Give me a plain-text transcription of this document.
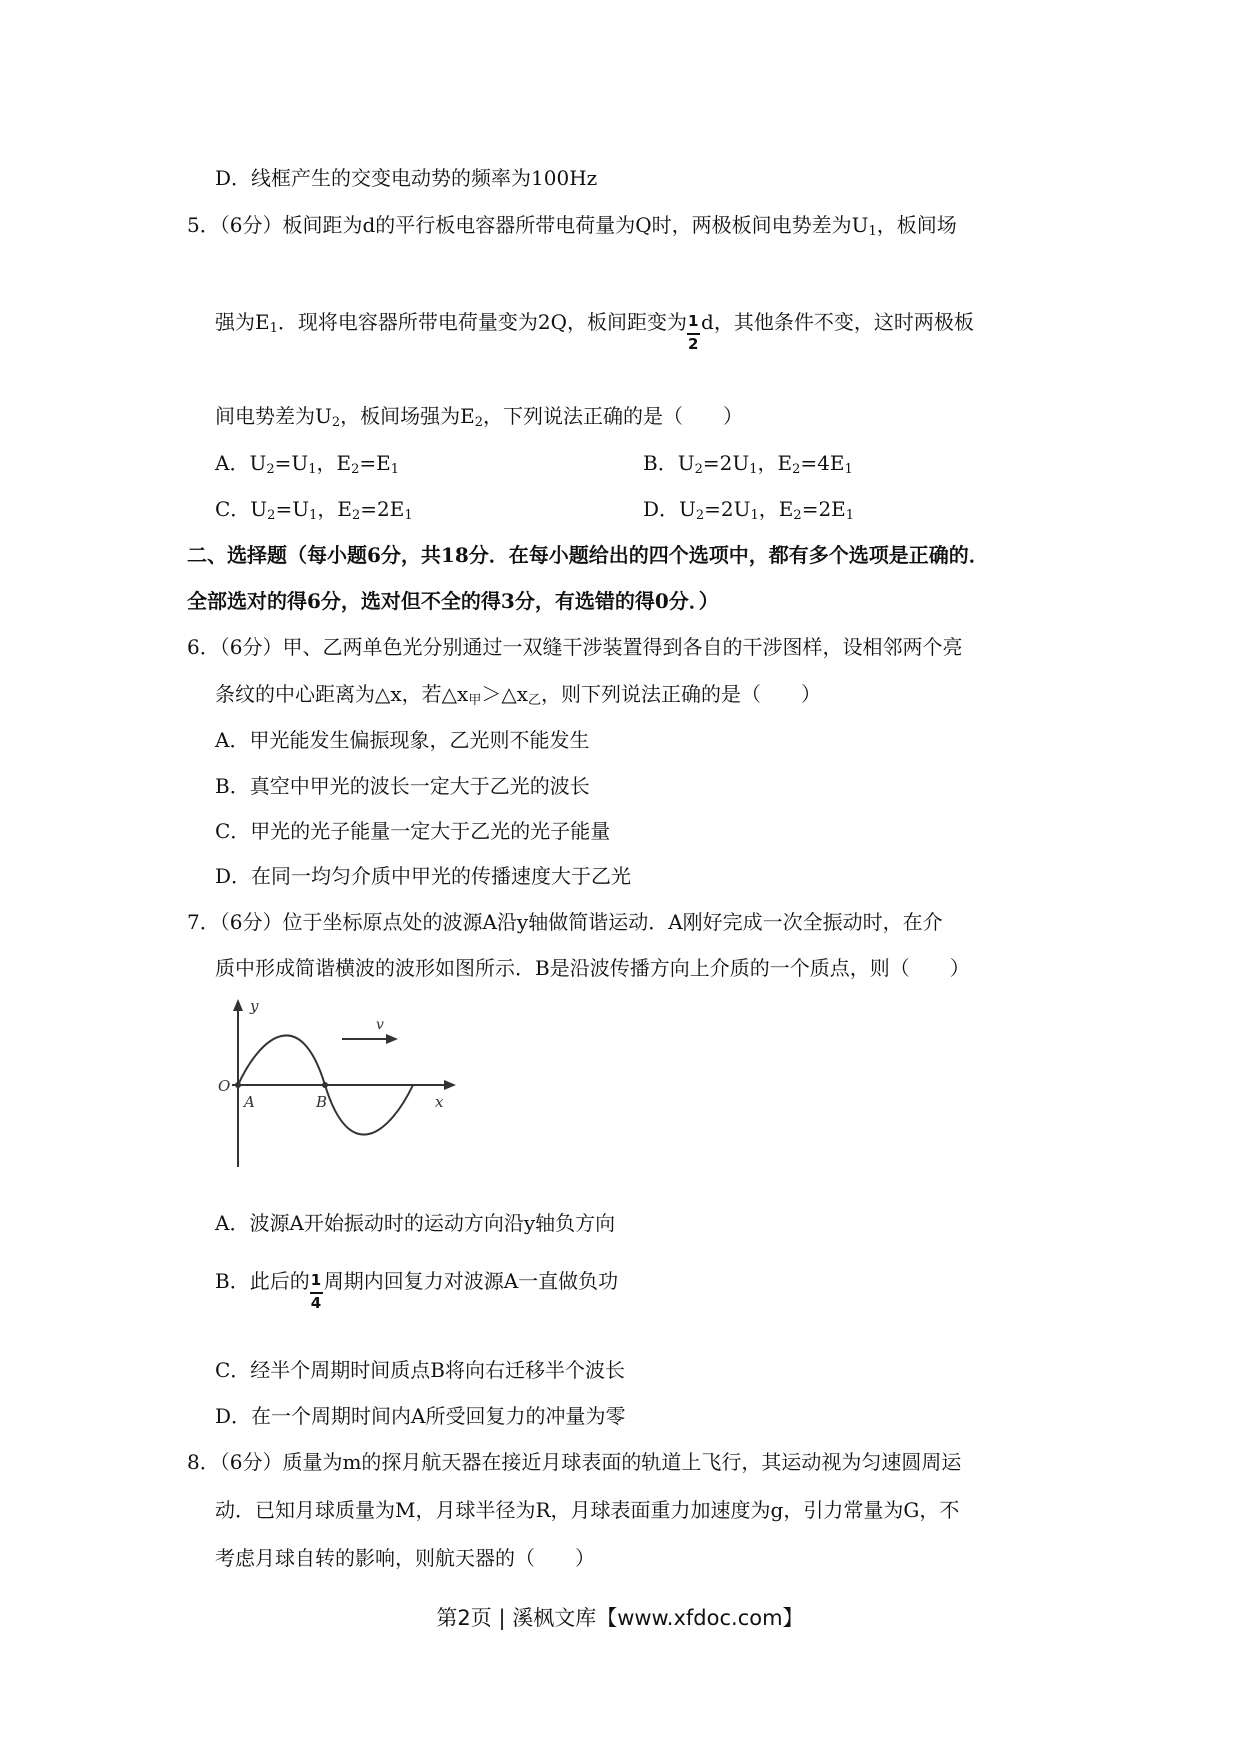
D．线框产生的交变电动势的频率为100Hz
5．（6分）板间距为d的平行板电容器所带电荷量为Q时，两极板间电势差为$U_1$，板间场
强为$E_1$．现将电容器所带电荷量变为2Q，板间距变为 $\frac{1}{2}$ d，其他条件不变，这时两极板
间电势差为$U_2$，板间场强为$E_2$，下列说法正确的是（　　）
A．$U_2=U_1$，$E_2=E_1$	B．$U_2=2U_1$，$E_2=4E_1$
C．$U_2=U_1$，$E_2=2E_1$	D．$U_2=2U_1$，$E_2=2E_1$
二、选择题（每小题6分，共18分．在每小题给出的四个选项中，都有多个选项是正确的．
全部选对的得6分，选对但不全的得3分，有选错的得0分．）
6．（6分）甲、乙两单色光分别通过一双缝干涉装置得到各自的干涉图样，设相邻两个亮
条纹的中心距离为△x，若$\triangle x_甲>\triangle x_乙$，则下列说法正确的是（　　）
A．甲光能发生偏振现象，乙光则不能发生
B．真空中甲光的波长一定大于乙光的波长
C．甲光的光子能量一定大于乙光的光子能量
D．在同一均匀介质中甲光的传播速度大于乙光
7．（6分）位于坐标原点处的波源A沿y轴做简谐运动．A刚好完成一次全振动时，在介
质中形成简谐横波的波形如图所示．B是沿波传播方向上介质的一个质点，则（　　）
y
x
O
A	B
v
A．波源A开始振动时的运动方向沿y轴负方向
B．此后的 $\frac{1}{4}$ 周期内回复力对波源A一直做负功
C．经半个周期时间质点B将向右迁移半个波长
D．在一个周期时间内A所受回复力的冲量为零
8．（6分）质量为m的探月航天器在接近月球表面的轨道上飞行，其运动视为匀速圆周运
动．已知月球质量为M，月球半径为R，月球表面重力加速度为g，引力常量为G，不
考虑月球自转的影响，则航天器的（　　）
第2页 | 溪枫文库【www.xfdoc.com】
